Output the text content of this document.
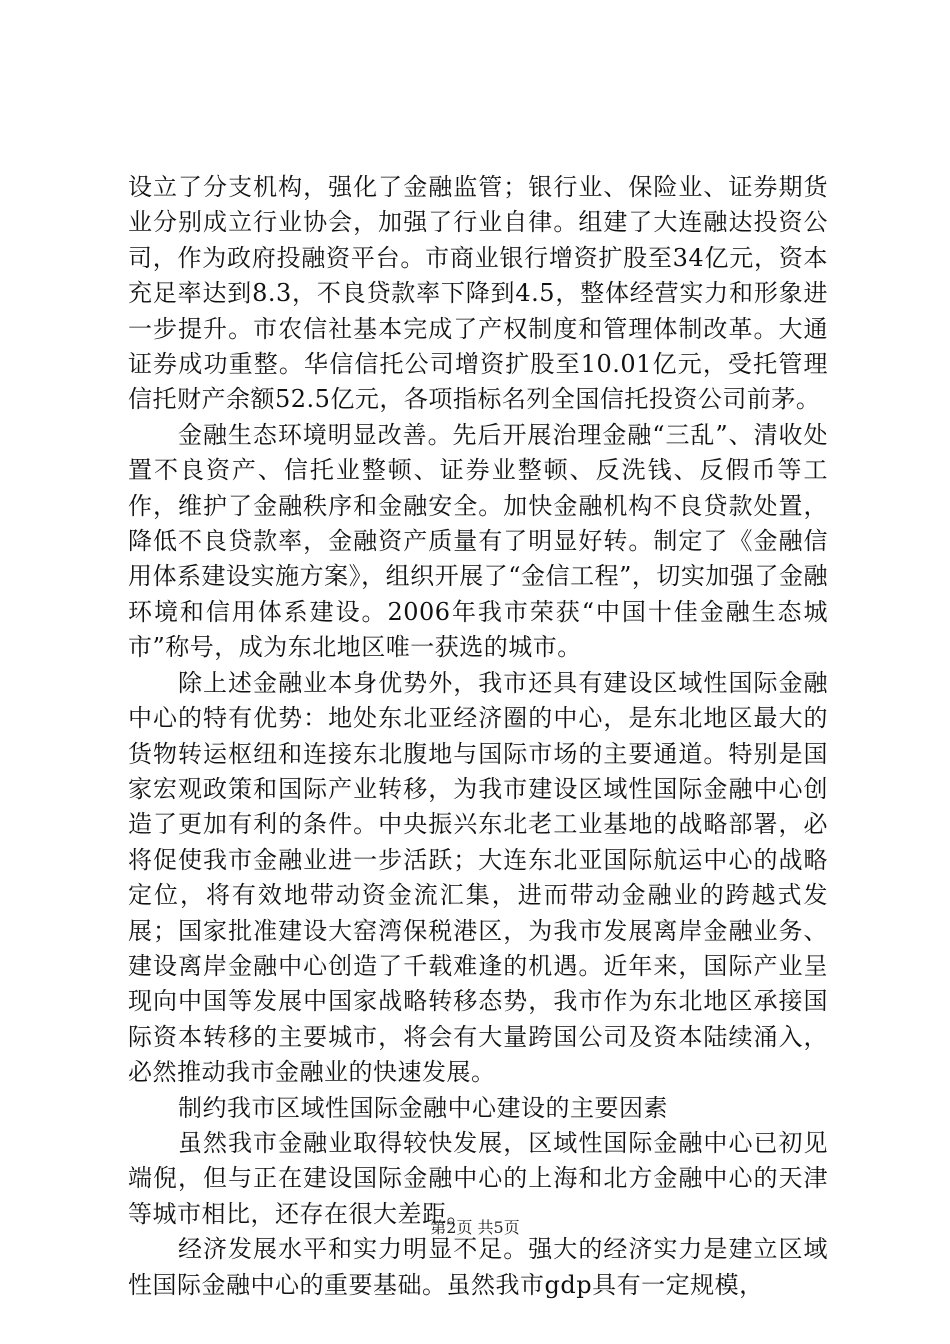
设立了分支机构，强化了金融监管；银行业、保险业、证券期货业分别成立行业协会，加强了行业自律。组建了大连融达投资公司，作为政府投融资平台。市商业银行增资扩股至34亿元，资本充足率达到8.3，不良贷款率下降到4.5，整体经营实力和形象进一步提升。市农信社基本完成了产权制度和管理体制改革。大通证券成功重整。华信信托公司增资扩股至10.01亿元，受托管理信托财产余额52.5亿元，各项指标名列全国信托投资公司前茅。

金融生态环境明显改善。先后开展治理金融“三乱”、清收处置不良资产、信托业整顿、证券业整顿、反洗钱、反假币等工作，维护了金融秩序和金融安全。加快金融机构不良贷款处置，降低不良贷款率，金融资产质量有了明显好转。制定了《金融信用体系建设实施方案》，组织开展了“金信工程”，切实加强了金融环境和信用体系建设。2006年我市荣获“中国十佳金融生态城市”称号，成为东北地区唯一获选的城市。

除上述金融业本身优势外，我市还具有建设区域性国际金融中心的特有优势：地处东北亚经济圈的中心，是东北地区最大的货物转运枢纽和连接东北腹地与国际市场的主要通道。特别是国家宏观政策和国际产业转移，为我市建设区域性国际金融中心创造了更加有利的条件。中央振兴东北老工业基地的战略部署，必将促使我市金融业进一步活跃；大连东北亚国际航运中心的战略定位，将有效地带动资金流汇集，进而带动金融业的跨越式发展；国家批准建设大窑湾保税港区，为我市发展离岸金融业务、建设离岸金融中心创造了千载难逢的机遇。近年来，国际产业呈现向中国等发展中国家战略转移态势，我市作为东北地区承接国际资本转移的主要城市，将会有大量跨国公司及资本陆续涌入，必然推动我市金融业的快速发展。

制约我市区域性国际金融中心建设的主要因素

虽然我市金融业取得较快发展，区域性国际金融中心已初见端倪，但与正在建设国际金融中心的上海和北方金融中心的天津等城市相比，还存在很大差距。

经济发展水平和实力明显不足。强大的经济实力是建立区域性国际金融中心的重要基础。虽然我市gdp具有一定规模，

第2页 共5页
